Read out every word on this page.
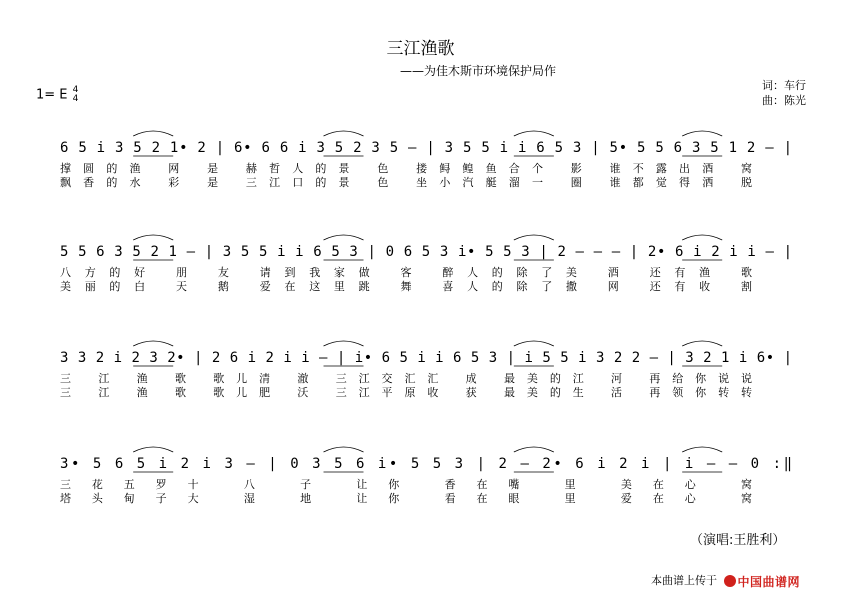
三江渔歌
——为佳木斯市环境保护局作
1= E 4
4
词：车行
曲：陈光
6 5 i 3 5 2 1• 2 | 6• 6 6 i 3 5 2 3 5 – | 3 5 5 i i 6 5 3 | 5• 5 5 6 3 5 1 2 – |
撑圆的渔 网 是 赫哲人的景 色 搂鲟鳇鱼合个 影 谁不露出酒 窝
飘香的水 彩 是 三江口的景 色 坐小汽艇溜一 圈 谁都觉得洒 脱
5 5 6 3 5 2 1 – | 3 5 5 i i 6 5 3 | 0 6 5 3 i• 5 5 3 | 2 – – – | 2• 6 i 2 i i – |
八方的好 朋 友 请到我家做 客 醉人的除了美 酒 还有渔 歌
美丽的白 天 鹅 爱在这里跳 舞 喜人的除了撒 网 还有收 割
3 3 2 i 2 3 2• | 2 6 i 2 i i – | i• 6 5 i i 6 5 3 | i 5 5 i 3 2 2 – | 3 2 1 i 6• |
三 江 渔 歌 歌儿清 澈 三江交汇汇 成 最美的江 河 再给你说说
三 江 渔 歌 歌儿肥 沃 三江平原收 获 最美的生 活 再领你转转
3• 5 6 5 i 2 i 3 – | 0 3 5 6 i• 5 5 3 | 2 – 2• 6 i 2 i | i – – 0 :‖
三花五罗十 八 子 让你 香在嘴 里 美在心 窝
塔头甸子大 湿 地 让你 看在眼 里 爱在心 窝
（演唱:王胜利）
本曲谱上传于 中国曲谱网
